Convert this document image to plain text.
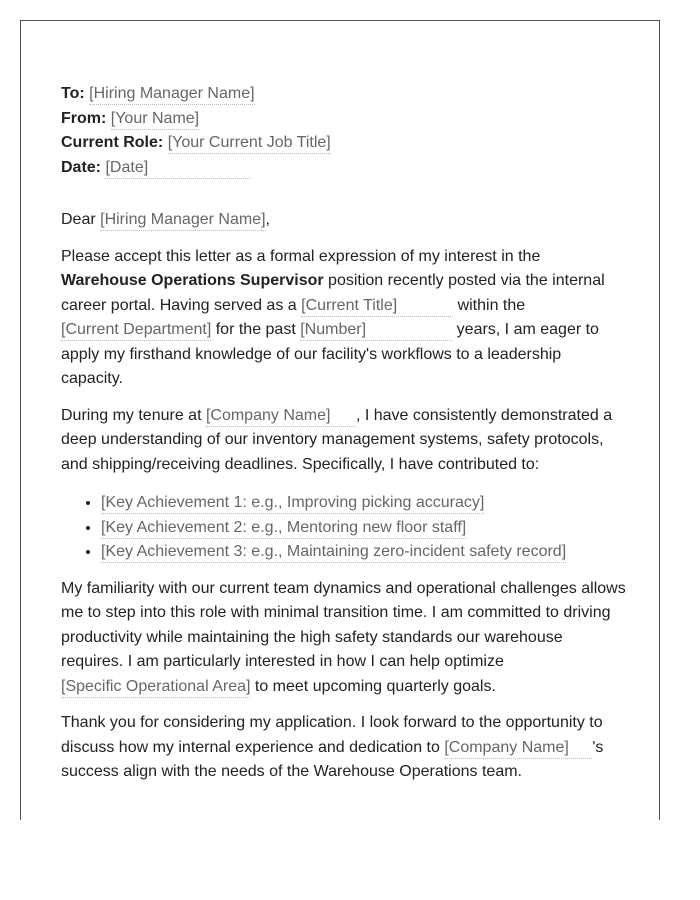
To: [Hiring Manager Name]

From: [Your Name]

Current Role: [Your Current Job Title]

Date: [Date]

Dear [Hiring Manager Name],

Please accept this letter as a formal expression of my interest in the Warehouse Operations Supervisor position recently posted via the internal career portal. Having served as a [Current Title]	within the [Current Department] for the past [Number]	years, I am eager to apply my firsthand knowledge of our facility's workflows to a leadership capacity.

During my tenure at [Company Name] , I have consistently demonstrated a deep understanding of our inventory management systems, safety protocols, and shipping/receiving deadlines. Specifically, I have contributed to:

• [Key Achievement 1: e.g., Improving picking accuracy]
• [Key Achievement 2: e.g., Mentoring new floor staff]
• [Key Achievement 3: e.g., Maintaining zero-incident safety record]

My familiarity with our current team dynamics and operational challenges allows me to step into this role with minimal transition time. I am committed to driving productivity while maintaining the high safety standards our warehouse requires. I am particularly interested in how I can help optimize [Specific Operational Area] to meet upcoming quarterly goals.

Thank you for considering my application. I look forward to the opportunity to discuss how my internal experience and dedication to [Company Name] 's success align with the needs of the Warehouse Operations team.
